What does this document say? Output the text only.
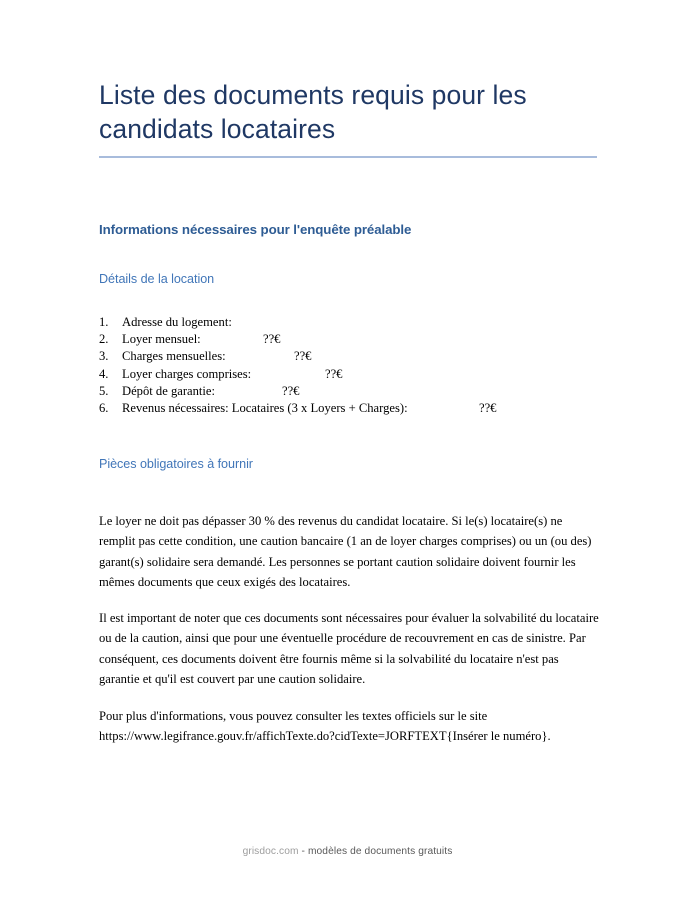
Liste des documents requis pour les candidats locataires
Informations nécessaires pour l'enquête préalable
Détails de la location
1.	Adresse du logement:
2.	Loyer mensuel:	??€
3.	Charges mensuelles:	??€
4.	Loyer charges comprises:	??€
5.	Dépôt de garantie:	??€
6.	Revenus nécessaires: Locataires (3 x Loyers + Charges):	??€
Pièces obligatoires à fournir

Le loyer ne doit pas dépasser 30 % des revenus du candidat locataire. Si le(s) locataire(s) ne remplit pas cette condition, une caution bancaire (1 an de loyer charges comprises) ou un (ou des) garant(s) solidaire sera demandé. Les personnes se portant caution solidaire doivent fournir les mêmes documents que ceux exigés des locataires.

Il est important de noter que ces documents sont nécessaires pour évaluer la solvabilité du locataire ou de la caution, ainsi que pour une éventuelle procédure de recouvrement en cas de sinistre. Par conséquent, ces documents doivent être fournis même si la solvabilité du locataire n'est pas garantie et qu'il est couvert par une caution solidaire.

Pour plus d'informations, vous pouvez consulter les textes officiels sur le site https://www.legifrance.gouv.fr/affichTexte.do?cidTexte=JORFTEXT{Insérer le numéro}.

grisdoc.com - modèles de documents gratuits
